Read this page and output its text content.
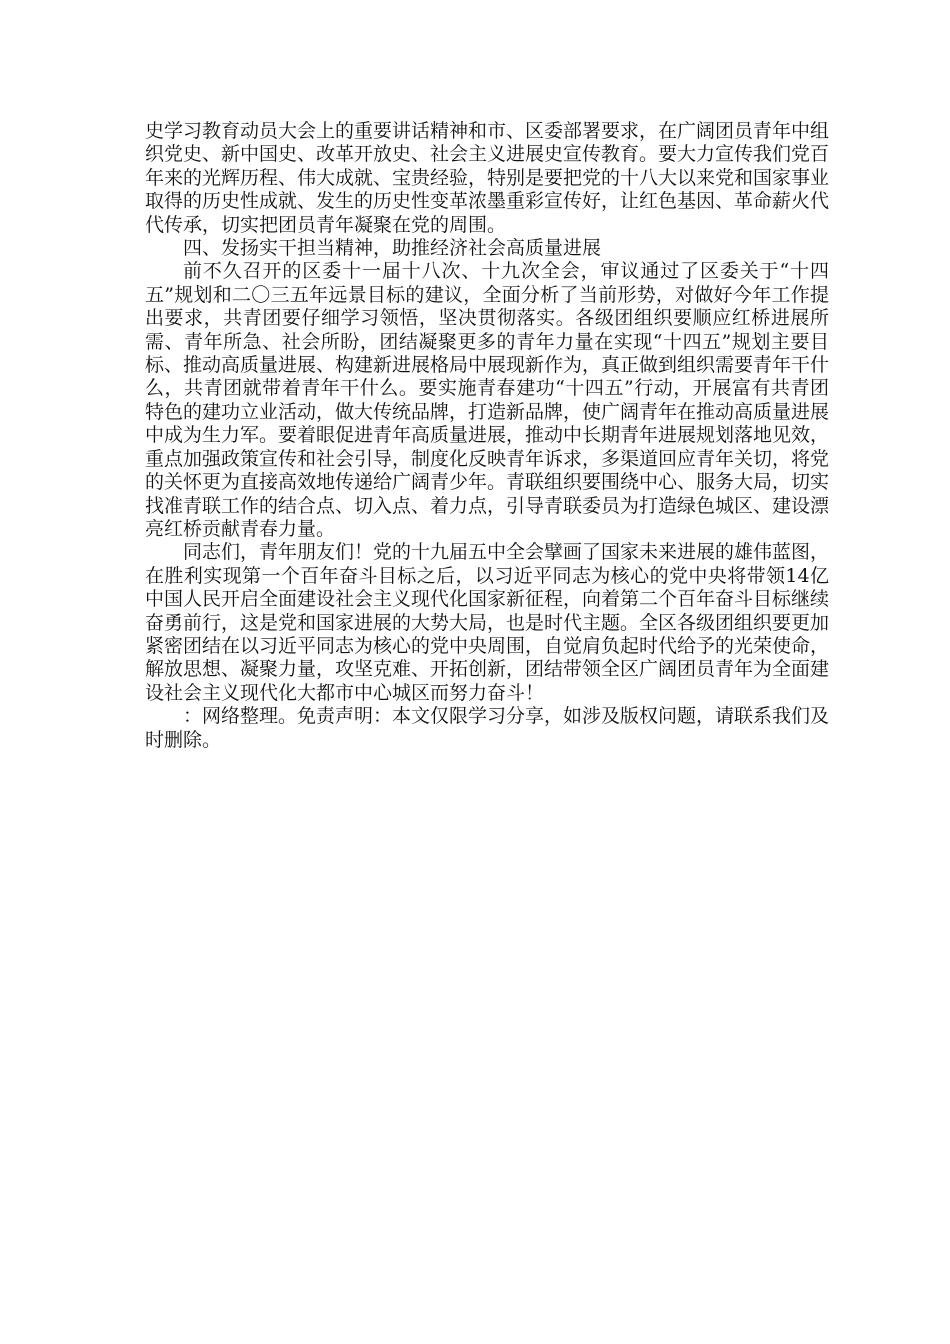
史学习教育动员大会上的重要讲话精神和市、区委部署要求，在广阔团员青年中组织党史、新中国史、改革开放史、社会主义进展史宣传教育。要大力宣传我们党百年来的光辉历程、伟大成就、宝贵经验，特别是要把党的十八大以来党和国家事业取得的历史性成就、发生的历史性变革浓墨重彩宣传好，让红色基因、革命薪火代代传承，切实把团员青年凝聚在党的周围。

四、发扬实干担当精神，助推经济社会高质量进展

前不久召开的区委十一届十八次、十九次全会，审议通过了区委关于“十四五”规划和二〇三五年远景目标的建议，全面分析了当前形势，对做好今年工作提出要求，共青团要仔细学习领悟，坚决贯彻落实。各级团组织要顺应红桥进展所需、青年所急、社会所盼，团结凝聚更多的青年力量在实现“十四五”规划主要目标、推动高质量进展、构建新进展格局中展现新作为，真正做到组织需要青年干什么，共青团就带着青年干什么。要实施青春建功“十四五”行动，开展富有共青团特色的建功立业活动，做大传统品牌，打造新品牌，使广阔青年在推动高质量进展中成为生力军。要着眼促进青年高质量进展，推动中长期青年进展规划落地见效，重点加强政策宣传和社会引导，制度化反映青年诉求，多渠道回应青年关切，将党的关怀更为直接高效地传递给广阔青少年。青联组织要围绕中心、服务大局，切实找准青联工作的结合点、切入点、着力点，引导青联委员为打造绿色城区、建设漂亮红桥贡献青春力量。

同志们，青年朋友们！党的十九届五中全会擘画了国家未来进展的雄伟蓝图，在胜利实现第一个百年奋斗目标之后，以习近平同志为核心的党中央将带领14亿中国人民开启全面建设社会主义现代化国家新征程，向着第二个百年奋斗目标继续奋勇前行，这是党和国家进展的大势大局，也是时代主题。全区各级团组织要更加紧密团结在以习近平同志为核心的党中央周围，自觉肩负起时代给予的光荣使命，解放思想、凝聚力量，攻坚克难、开拓创新，团结带领全区广阔团员青年为全面建设社会主义现代化大都市中心城区而努力奋斗！

：网络整理。免责声明：本文仅限学习分享，如涉及版权问题，请联系我们及时删除。
